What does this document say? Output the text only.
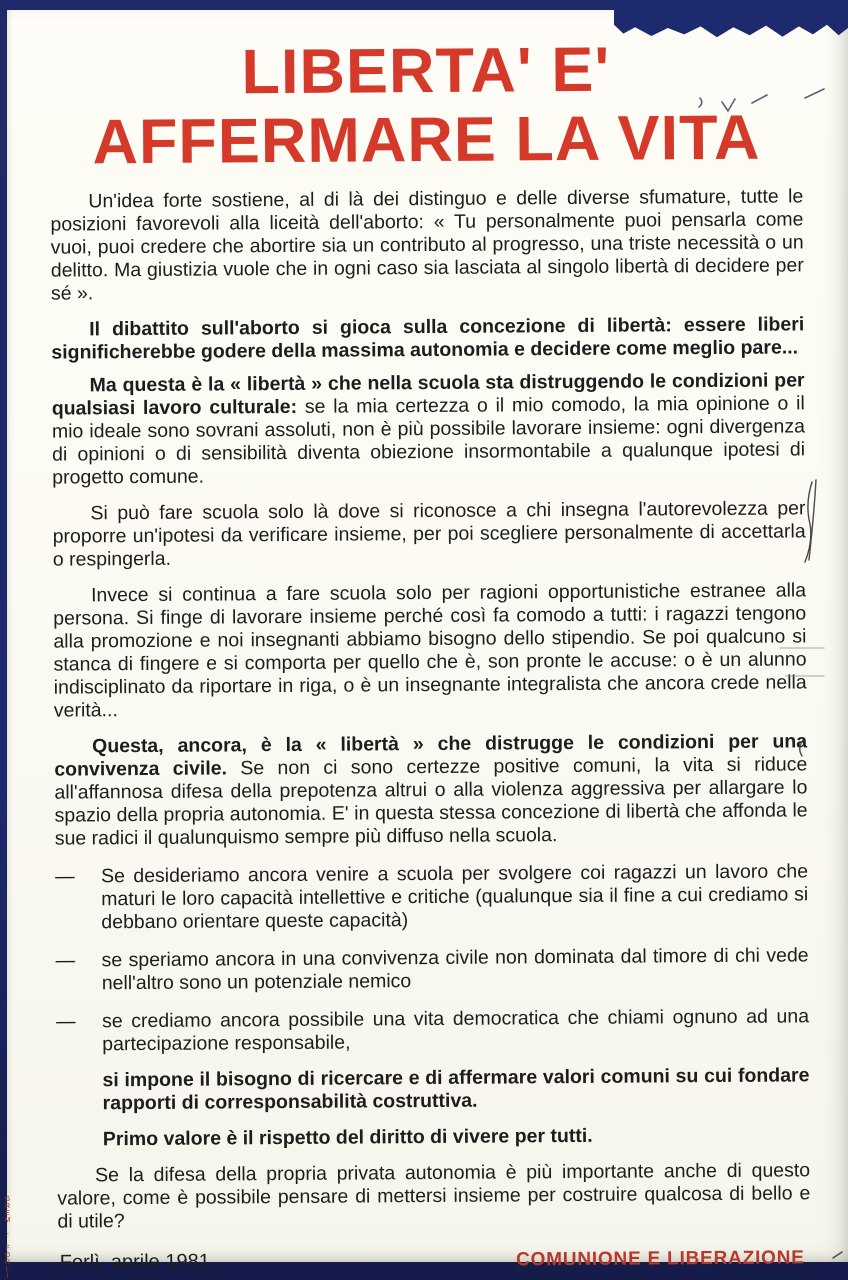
LIBERTA' E'
AFFERMARE LA VITA

Un'idea forte sostiene, al di là dei distinguo e delle diverse sfumature, tutte le posizioni favorevoli alla liceità dell'aborto: « Tu personalmente puoi pensarla come vuoi, puoi credere che abortire sia un contributo al progresso, una triste necessità o un delitto. Ma giustizia vuole che in ogni caso sia lasciata al singolo libertà di decidere per sé ».

Il dibattito sull'aborto si gioca sulla concezione di libertà: essere liberi significherebbe godere della massima autonomia e decidere come meglio pare...

Ma questa è la « libertà » che nella scuola sta distruggendo le condizioni per qualsiasi lavoro culturale: se la mia certezza o il mio comodo, la mia opinione o il mio ideale sono sovrani assoluti, non è più possibile lavorare insieme: ogni divergenza di opinioni o di sensibilità diventa obiezione insormontabile a qualunque ipotesi di progetto comune.

Si può fare scuola solo là dove si riconosce a chi insegna l'autorevolezza per proporre un'ipotesi da verificare insieme, per poi scegliere personalmente di accettarla o respingerla.

Invece si continua a fare scuola solo per ragioni opportunistiche estranee alla persona. Si finge di lavorare insieme perché così fa comodo a tutti: i ragazzi tengono alla promozione e noi insegnanti abbiamo bisogno dello stipendio. Se poi qualcuno si stanca di fingere e si comporta per quello che è, son pronte le accuse: o è un alunno indisciplinato da riportare in riga, o è un insegnante integralista che ancora crede nella verità...

Questa, ancora, è la « libertà » che distrugge le condizioni per una convivenza civile. Se non ci sono certezze positive comuni, la vita si riduce all'affannosa difesa della prepotenza altrui o alla violenza aggressiva per allargare lo spazio della propria autonomia. E' in questa stessa concezione di libertà che affonda le sue radici il qualunquismo sempre più diffuso nella scuola.

—	Se desideriamo ancora venire a scuola per svolgere coi ragazzi un lavoro che maturi le loro capacità intellettive e critiche (qualunque sia il fine a cui crediamo si debbano orientare queste capacità)
—	se speriamo ancora in una convivenza civile non dominata dal timore di chi vede nell'altro sono un potenziale nemico
—	se crediamo ancora possibile una vita democratica che chiami ognuno ad una partecipazione responsabile,

si impone il bisogno di ricercare e di affermare valori comuni su cui fondare rapporti di corresponsabilità costruttiva.

Primo valore è il rispetto del diritto di vivere per tutti.

Se la difesa della propria privata autonomia è più importante anche di questo valore, come è possibile pensare di mettersi insieme per costruire qualcosa di bello e di utile?

Forlì, aprile 1981.	COMUNIONE E LIBERAZIONE
GREM - FORLÌ
